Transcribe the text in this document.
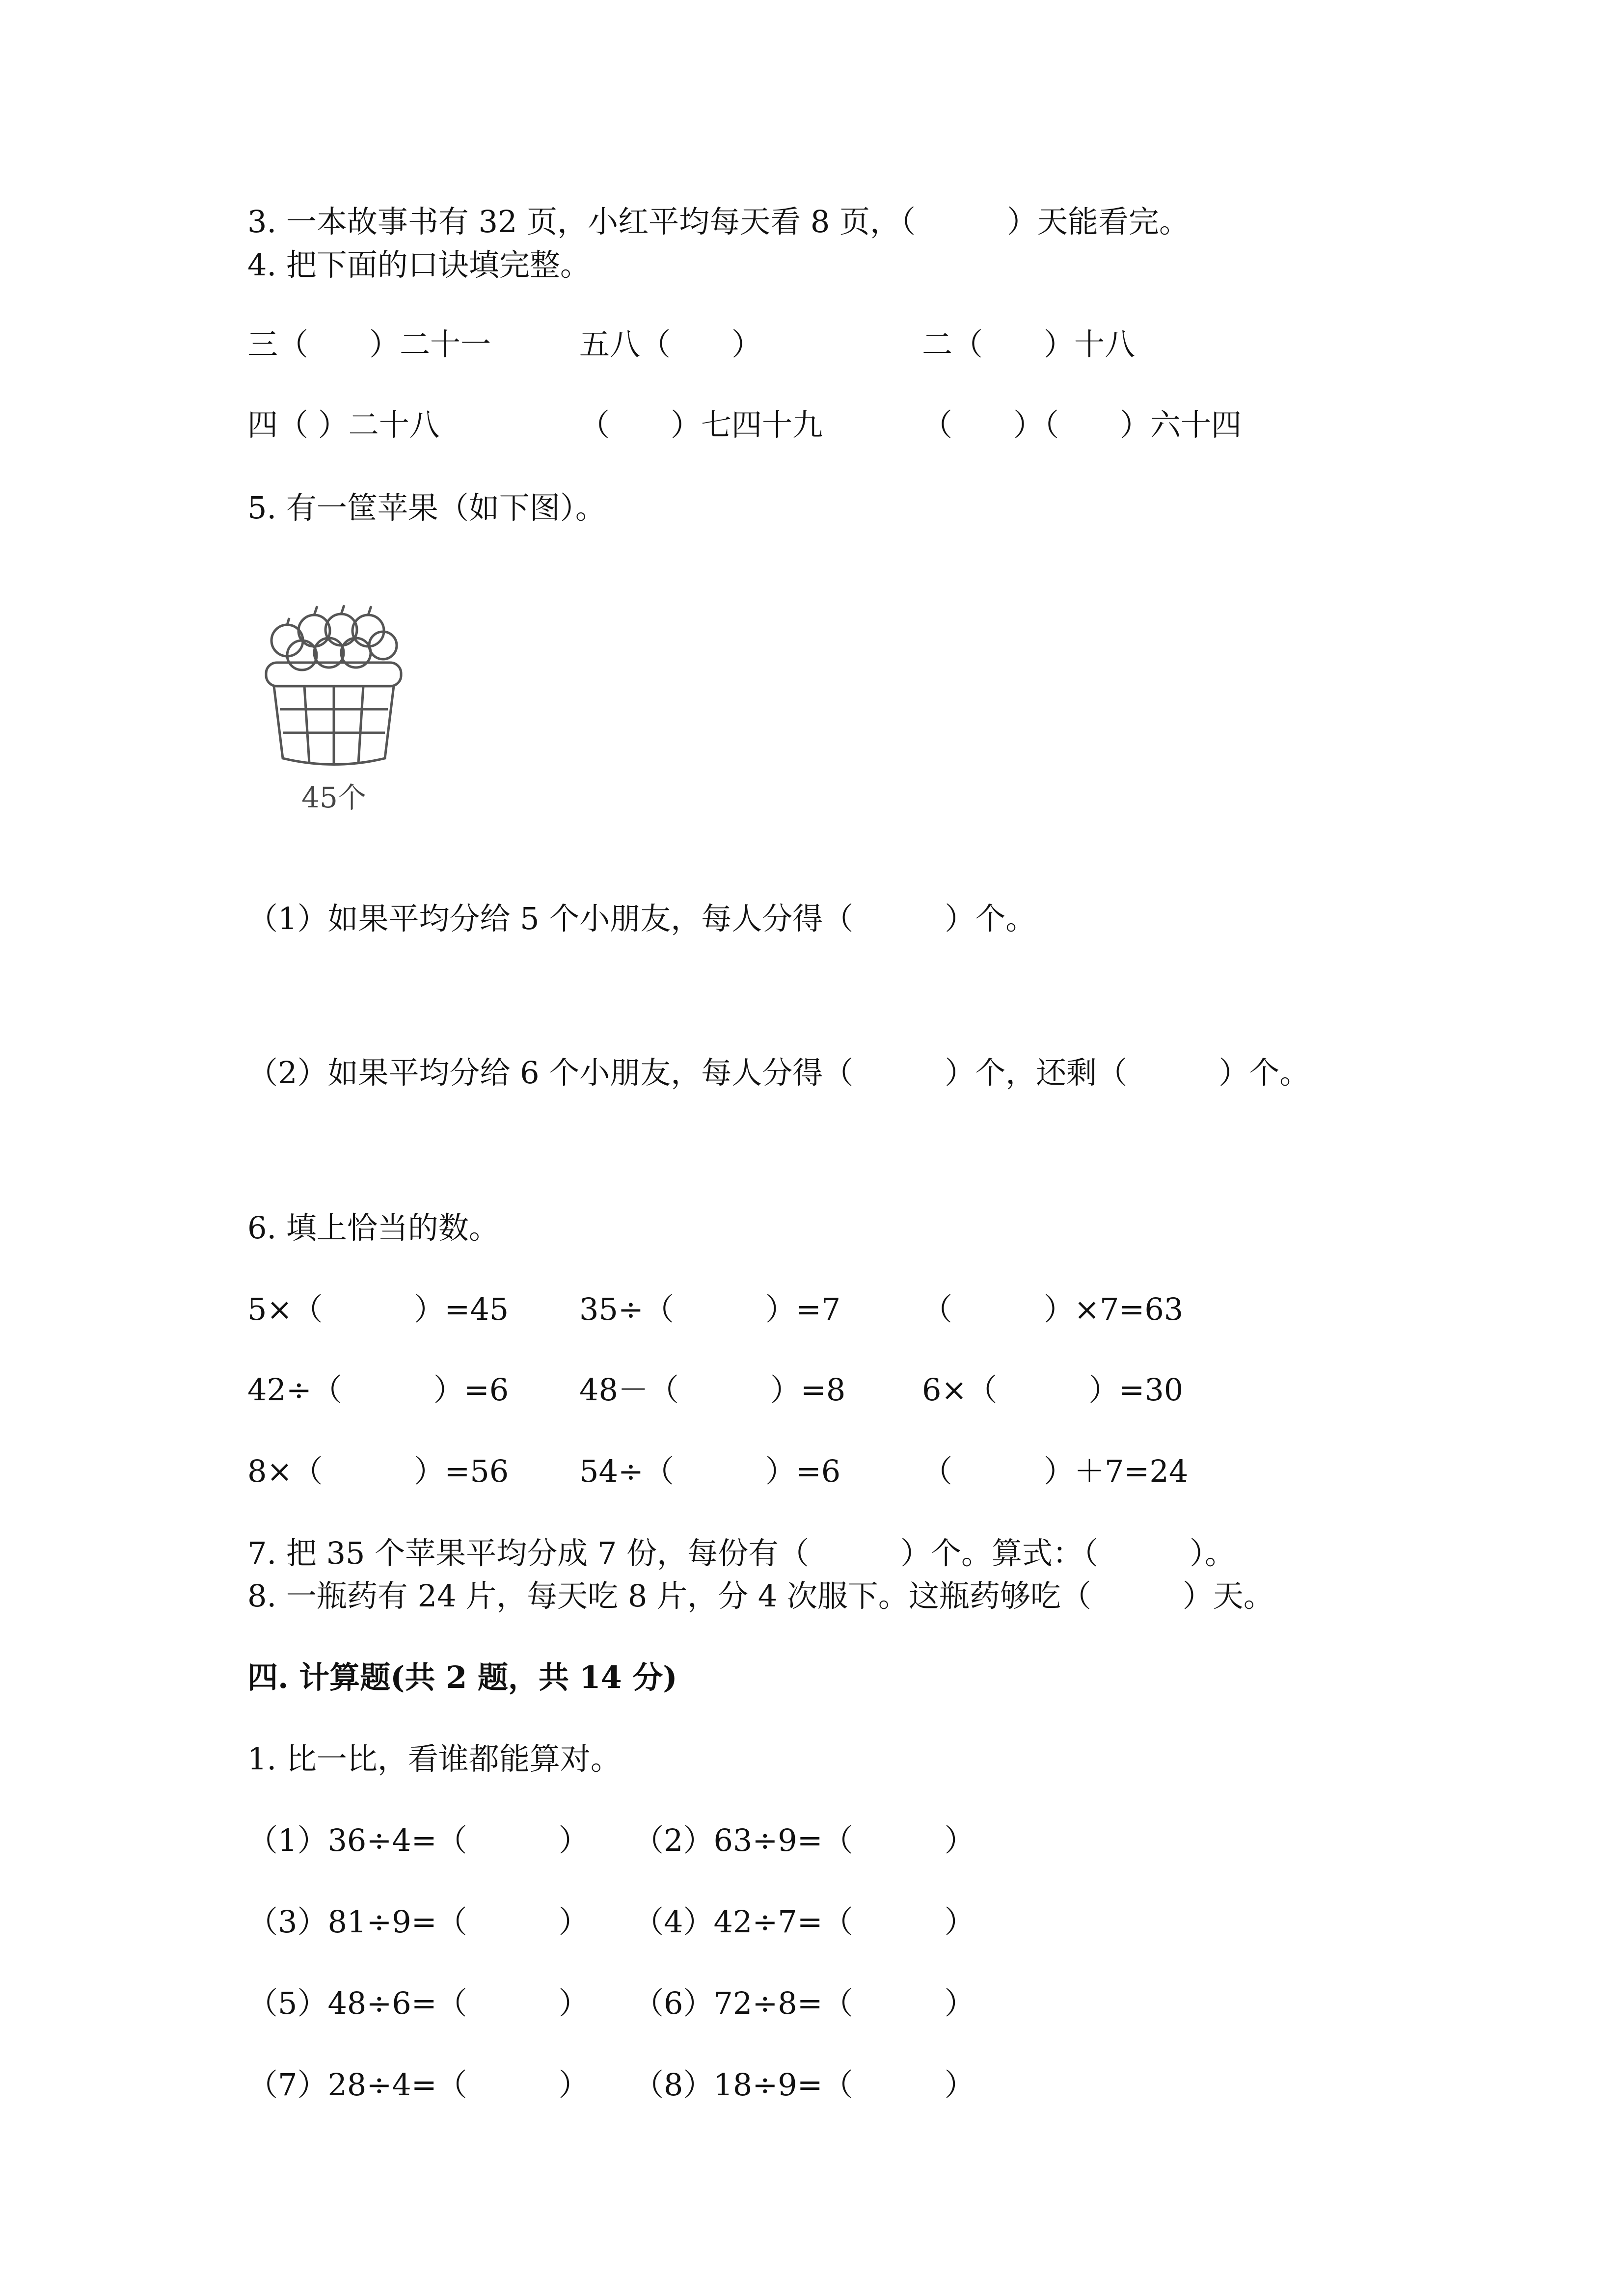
3. 一本故事书有 32 页，小红平均每天看 8 页，（　　　）天能看完。
4. 把下面的口诀填完整。
三（　　）二十一	五八（　　）	二（　　）十八
四（ ）二十八	（　　）七四十九	（　　）（　　）六十四
5. 有一筐苹果（如下图）。
45个
（1）如果平均分给 5 个小朋友，每人分得（　　　）个。
（2）如果平均分给 6 个小朋友，每人分得（　　　）个，还剩（　　　）个。
6. 填上恰当的数。
5×（　　　）=45 35÷（　　　）=7	（　　　）×7=63
42÷（　　　）=6 48－（　　　）=8	6×（　　　）=30
8×（　　　）=56 54÷（　　　）=6	（　　　）＋7=24
7. 把 35 个苹果平均分成 7 份，每份有（　　　）个。算式：（　　　）。
8. 一瓶药有 24 片，每天吃 8 片，分 4 次服下。这瓶药够吃（　　　）天。
四. 计算题(共 2 题，共 14 分)
1. 比一比，看谁都能算对。
（1）36÷4=（　　　） （2）63÷9=（　　　）
（3）81÷9=（　　　） （4）42÷7=（　　　）
（5）48÷6=（　　　） （6）72÷8=（　　　）
（7）28÷4=（　　　） （8）18÷9=（　　　）
